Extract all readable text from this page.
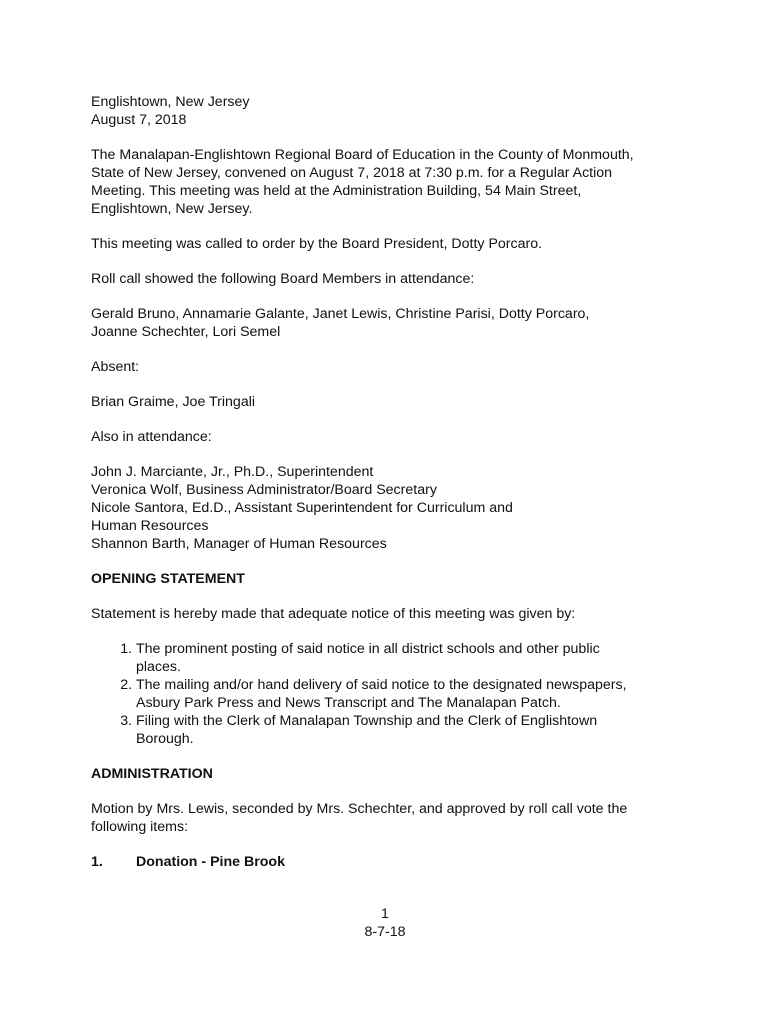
Englishtown, New Jersey
August 7, 2018
The Manalapan-Englishtown Regional Board of Education in the County of Monmouth,
State of New Jersey, convened on August 7, 2018 at 7:30 p.m. for a Regular Action
Meeting. This meeting was held at the Administration Building, 54 Main Street,
Englishtown, New Jersey.
This meeting was called to order by the Board President, Dotty Porcaro.
Roll call showed the following Board Members in attendance:
Gerald Bruno, Annamarie Galante, Janet Lewis, Christine Parisi, Dotty Porcaro,
Joanne Schechter, Lori Semel
Absent:
Brian Graime, Joe Tringali
Also in attendance:
John J. Marciante, Jr., Ph.D., Superintendent
Veronica Wolf, Business Administrator/Board Secretary
Nicole Santora, Ed.D., Assistant Superintendent for Curriculum and
Human Resources
Shannon Barth, Manager of Human Resources
OPENING STATEMENT
Statement is hereby made that adequate notice of this meeting was given by:
1. The prominent posting of said notice in all district schools and other public
places.
2. The mailing and/or hand delivery of said notice to the designated newspapers,
Asbury Park Press and News Transcript and The Manalapan Patch.
3. Filing with the Clerk of Manalapan Township and the Clerk of Englishtown
Borough.
ADMINISTRATION
Motion by Mrs. Lewis, seconded by Mrs. Schechter, and approved by roll call vote the
following items:
1.	Donation - Pine Brook
1
8-7-18
